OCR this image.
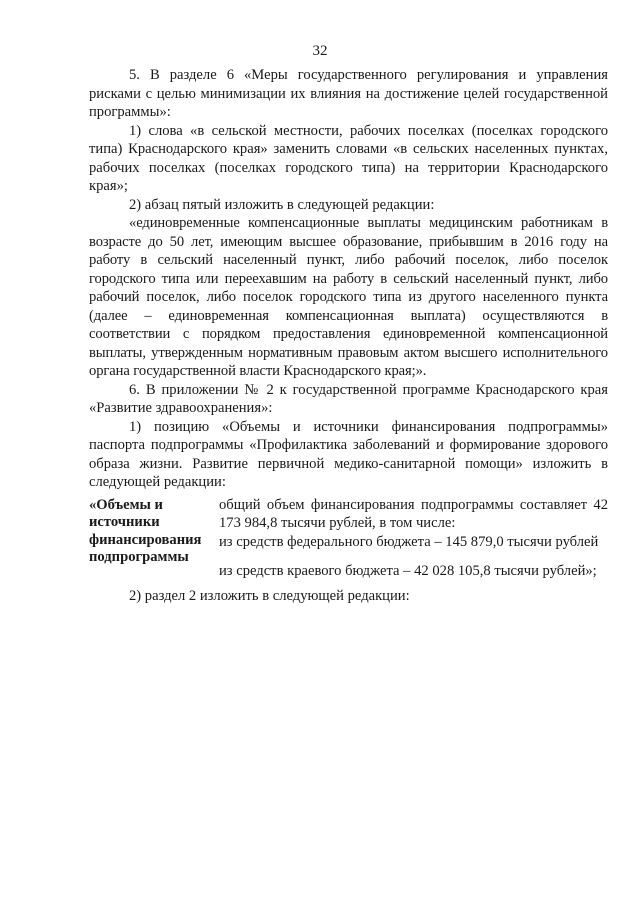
32

5. В разделе 6 «Меры государственного регулирования и управления рисками с целью минимизации их влияния на достижение целей государственной программы»:

1) слова «в сельской местности, рабочих поселках (поселках городского типа) Краснодарского края» заменить словами «в сельских населенных пунктах, рабочих поселках (поселках городского типа) на территории Краснодарского края»;

2) абзац пятый изложить в следующей редакции:

«единовременные компенсационные выплаты медицинским работникам в возрасте до 50 лет, имеющим высшее образование, прибывшим в 2016 году на работу в сельский населенный пункт, либо рабочий поселок, либо поселок городского типа или переехавшим на работу в сельский населенный пункт, либо рабочий поселок, либо поселок городского типа из другого населенного пункта (далее – единовременная компенсационная выплата) осуществляются в соответствии с порядком предоставления единовременной компенсационной выплаты, утвержденным нормативным правовым актом высшего исполнительного органа государственной власти Краснодарского края;».

6. В приложении № 2 к государственной программе Краснодарского края «Развитие здравоохранения»:

1) позицию «Объемы и источники финансирования подпрограммы» паспорта подпрограммы «Профилактика заболеваний и формирование здорового образа жизни. Развитие первичной медико-санитарной помощи» изложить в следующей редакции:

«Объемы и
источники
финансирования
подпрограммы

общий объем финансирования подпрограммы составляет 42 173 984,8 тысячи рублей, в том числе:

из средств федерального бюджета – 145 879,0 тысячи рублей

из средств краевого бюджета – 42 028 105,8 тысячи рублей»;

2) раздел 2 изложить в следующей редакции:
